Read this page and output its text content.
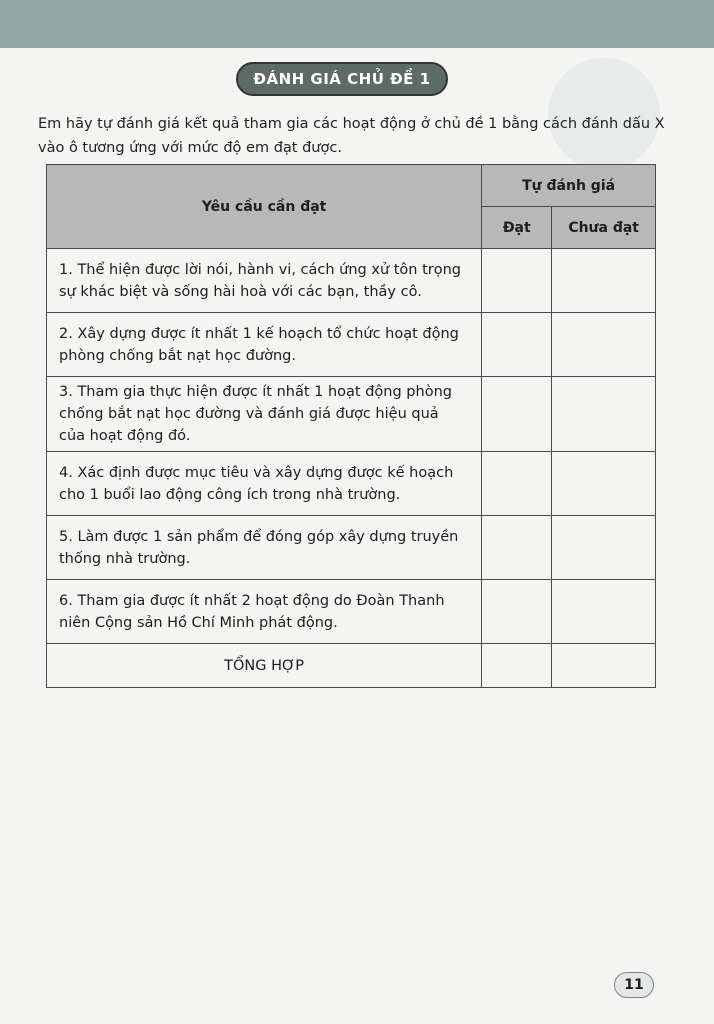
ĐÁNH GIÁ CHỦ ĐỀ 1
Em hãy tự đánh giá kết quả tham gia các hoạt động ở chủ đề 1 bằng cách đánh dấu X vào ô tương ứng với mức độ em đạt được.
Yêu cầu cần đạt	Tự đánh giá	
	Đạt	Chưa đạt
1. Thể hiện được lời nói, hành vi, cách ứng xử tôn trọng sự khác biệt và sống hài hoà với các bạn, thầy cô.		
2. Xây dựng được ít nhất 1 kế hoạch tổ chức hoạt động phòng chống bắt nạt học đường.		
3. Tham gia thực hiện được ít nhất 1 hoạt động phòng chống bắt nạt học đường và đánh giá được hiệu quả của hoạt động đó.		
4. Xác định được mục tiêu và xây dựng được kế hoạch cho 1 buổi lao động công ích trong nhà trường.		
5. Làm được 1 sản phẩm để đóng góp xây dựng truyền thống nhà trường.		
6. Tham gia được ít nhất 2 hoạt động do Đoàn Thanh niên Cộng sản Hồ Chí Minh phát động.		
TỔNG HỢP		
11
